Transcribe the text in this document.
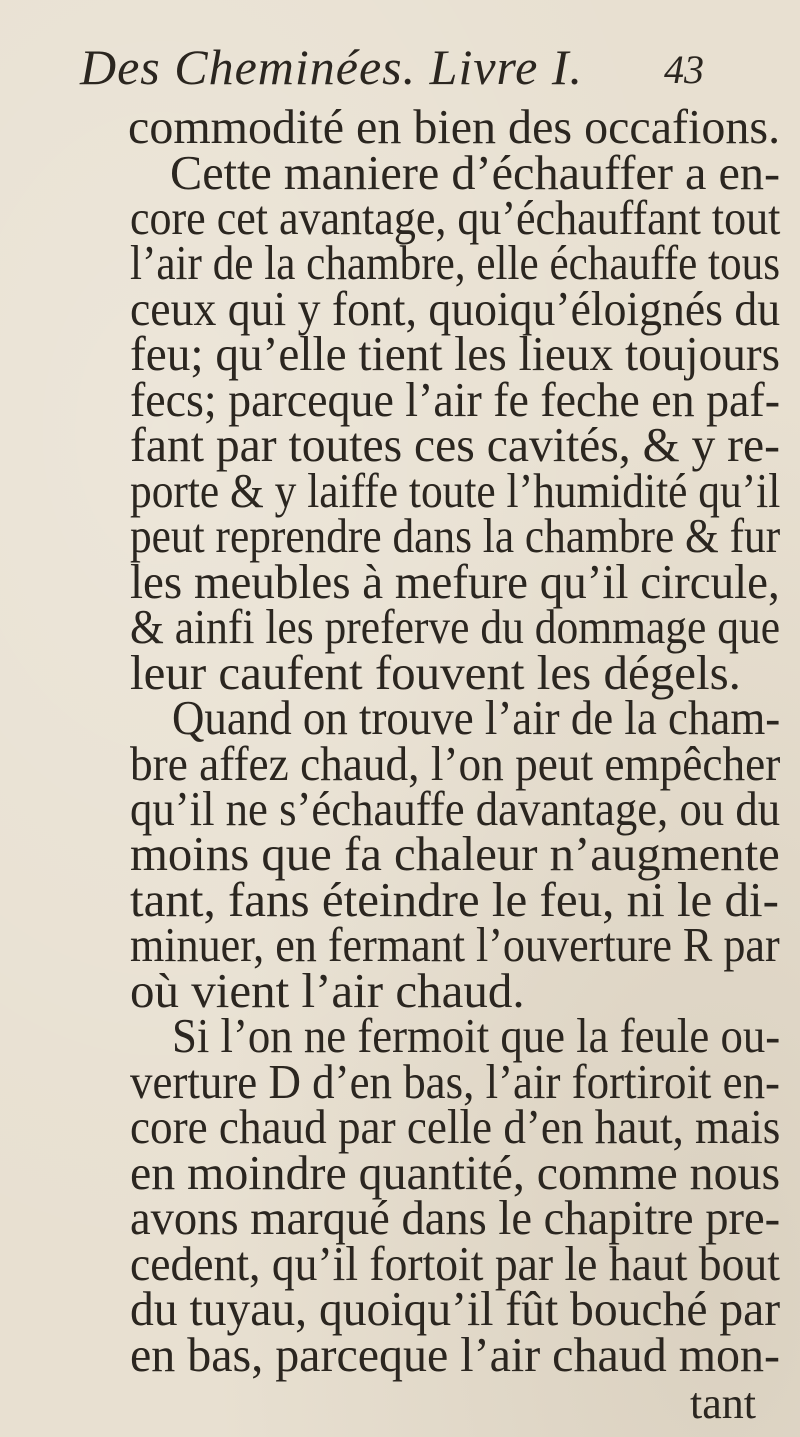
Des Cheminées. Livre I. 43
commodité en bien des occafions.
Cette maniere d’échauffer a en-
core cet avantage, qu’échauffant tout
l’air de la chambre, elle échauffe tous
ceux qui y font, quoiqu’éloignés du
feu; qu’elle tient les lieux toujours
fecs; parceque l’air fe feche en paf-
fant par toutes ces cavités, & y re-
porte & y laiffe toute l’humidité qu’il
peut reprendre dans la chambre & fur
les meubles à mefure qu’il circule,
& ainfi les preferve du dommage que
leur caufent fouvent les dégels.
Quand on trouve l’air de la cham-
bre affez chaud, l’on peut empêcher
qu’il ne s’échauffe davantage, ou du
moins que fa chaleur n’augmente
tant, fans éteindre le feu, ni le di-
minuer, en fermant l’ouverture R par
où vient l’air chaud.
Si l’on ne fermoit que la feule ou-
verture D d’en bas, l’air fortiroit en-
core chaud par celle d’en haut, mais
en moindre quantité, comme nous
avons marqué dans le chapitre pre-
cedent, qu’il fortoit par le haut bout
du tuyau, quoiqu’il fût bouché par
en bas, parceque l’air chaud mon-
tant
